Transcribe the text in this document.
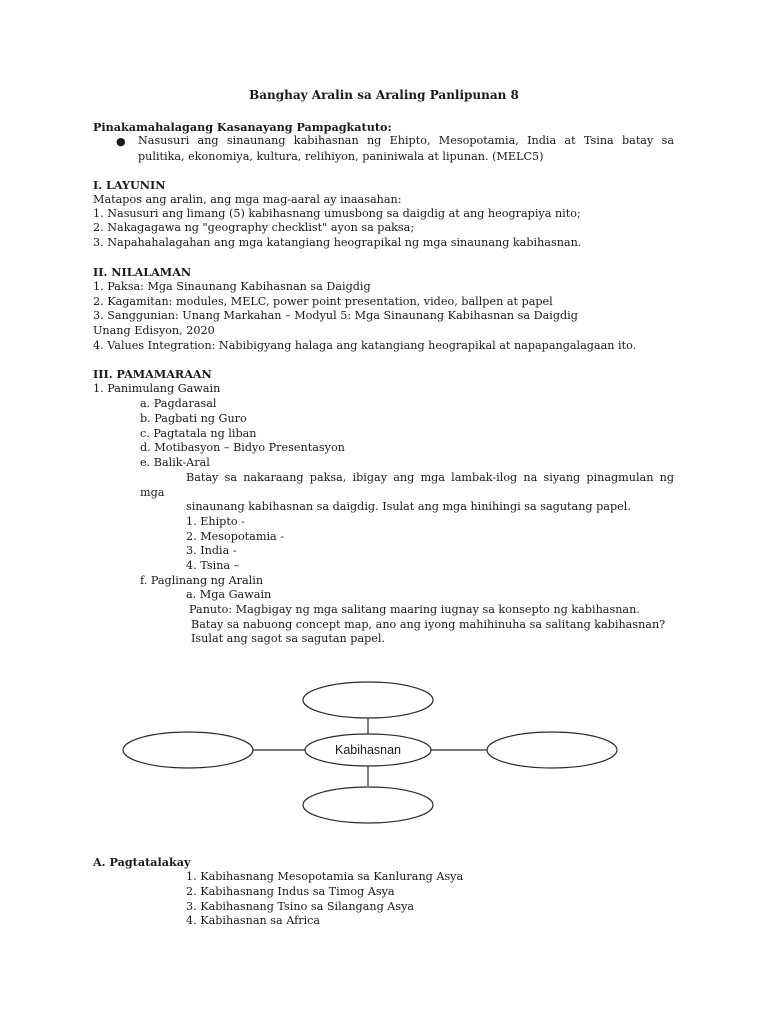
Banghay Aralin sa Araling Panlipunan 8
Pinakamahalagang Kasanayang Pampagkatuto:
● Nasusuri ang sinaunang kabihasnan ng Ehipto, Mesopotamia, India at Tsina batay sa
pulitika, ekonomiya, kultura, relihiyon, paniniwala at lipunan. (MELC5)
I. LAYUNIN
Matapos ang aralin, ang mga mag-aaral ay inaasahan:
1. Nasusuri ang limang (5) kabihasnang umusbong sa daigdig at ang heograpiya nito;
2. Nakagagawa ng "geography checklist" ayon sa paksa;
3. Napahahalagahan ang mga katangiang heograpikal ng mga sinaunang kabihasnan.
II. NILALAMAN
1. Paksa: Mga Sinaunang Kabihasnan sa Daigdig
2. Kagamitan: modules, MELC, power point presentation, video, ballpen at papel
3. Sanggunian: Unang Markahan – Modyul 5: Mga Sinaunang Kabihasnan sa Daigdig
Unang Edisyon, 2020
4. Values Integration: Nabibigyang halaga ang katangiang heograpikal at napapangalagaan ito.
III. PAMAMARAAN
1. Panimulang Gawain
a. Pagdarasal
b. Pagbati ng Guro
c. Pagtatala ng liban
d. Motibasyon – Bidyo Presentasyon
e. Balik-Aral
Batay sa nakaraang paksa, ibigay ang mga lambak-ilog na siyang pinagmulan ng
mga
sinaunang kabihasnan sa daigdig. Isulat ang mga hinihingi sa sagutang papel.
1. Ehipto -
2. Mesopotamia -
3. India -
4. Tsina –
f. Paglinang ng Aralin
a. Mga Gawain
Panuto: Magbigay ng mga salitang maaring iugnay sa konsepto ng kabihasnan.
Batay sa nabuong concept map, ano ang iyong mahihinuha sa salitang kabihasnan?
Isulat ang sagot sa sagutan papel.
Kabihasnan
A. Pagtatalakay
1. Kabihasnang Mesopotamia sa Kanlurang Asya
2. Kabihasnang Indus sa Timog Asya
3. Kabihasnang Tsino sa Silangang Asya
4. Kabihasnan sa Africa
